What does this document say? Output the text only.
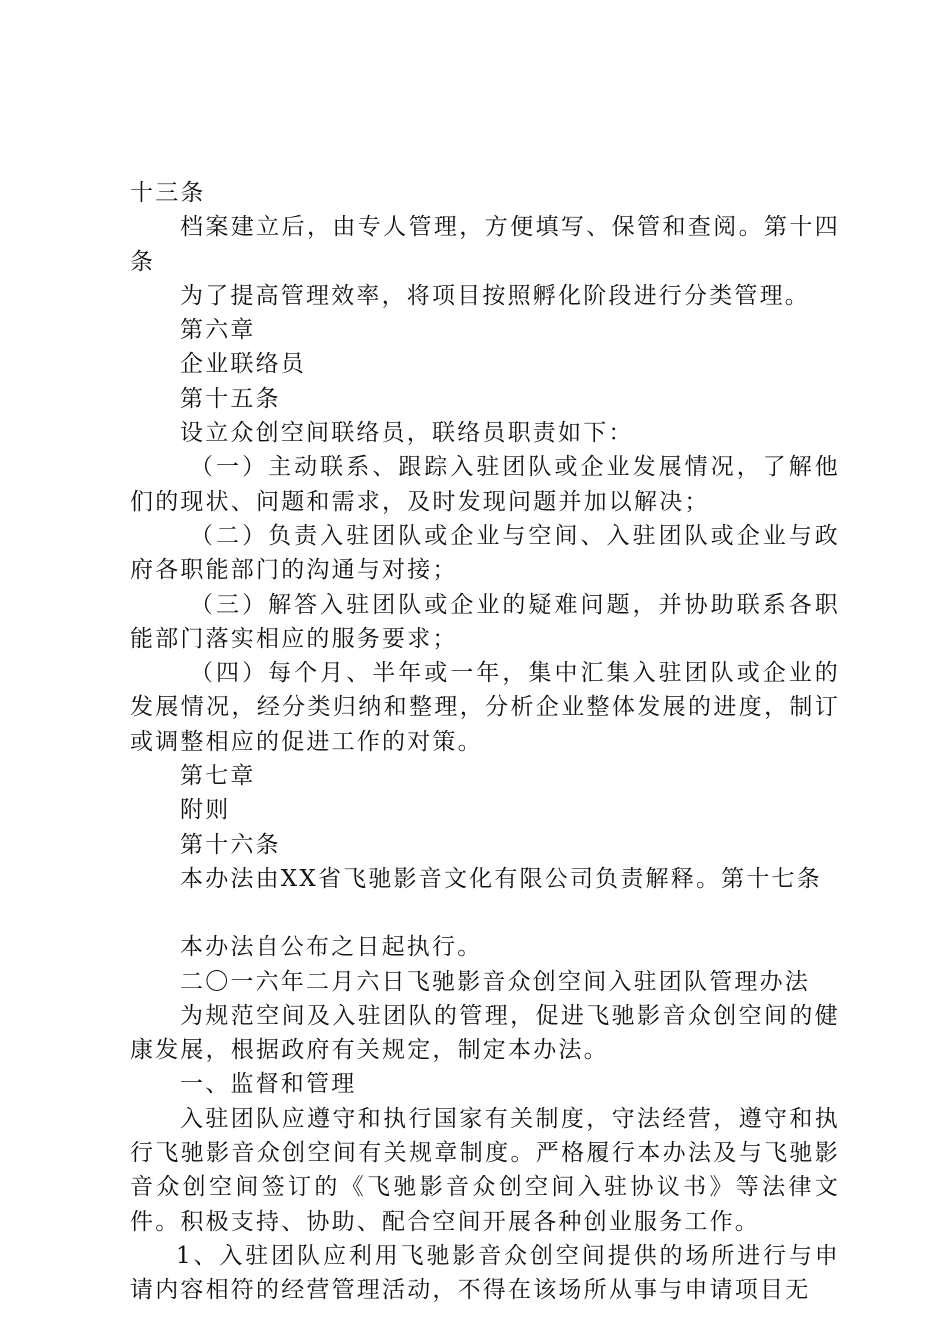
十三条

档案建立后，由专人管理，方便填写、保管和查阅。第十四条

为了提高管理效率，将项目按照孵化阶段进行分类管理。

第六章

企业联络员

第十五条

设立众创空间联络员，联络员职责如下：

（一）主动联系、跟踪入驻团队或企业发展情况，了解他们的现状、问题和需求，及时发现问题并加以解决；

（二）负责入驻团队或企业与空间、入驻团队或企业与政府各职能部门的沟通与对接；

（三）解答入驻团队或企业的疑难问题，并协助联系各职能部门落实相应的服务要求；

（四）每个月、半年或一年，集中汇集入驻团队或企业的发展情况，经分类归纳和整理，分析企业整体发展的进度，制订或调整相应的促进工作的对策。

第七章

附则

第十六条

本办法由XX省飞驰影音文化有限公司负责解释。第十七条

本办法自公布之日起执行。

二〇一六年二月六日飞驰影音众创空间入驻团队管理办法

为规范空间及入驻团队的管理，促进飞驰影音众创空间的健康发展，根据政府有关规定，制定本办法。

一、监督和管理

入驻团队应遵守和执行国家有关制度，守法经营，遵守和执行飞驰影音众创空间有关规章制度。严格履行本办法及与飞驰影音众创空间签订的《飞驰影音众创空间入驻协议书》等法律文件。积极支持、协助、配合空间开展各种创业服务工作。

1、入驻团队应利用飞驰影音众创空间提供的场所进行与申请内容相符的经营管理活动，不得在该场所从事与申请项目无
